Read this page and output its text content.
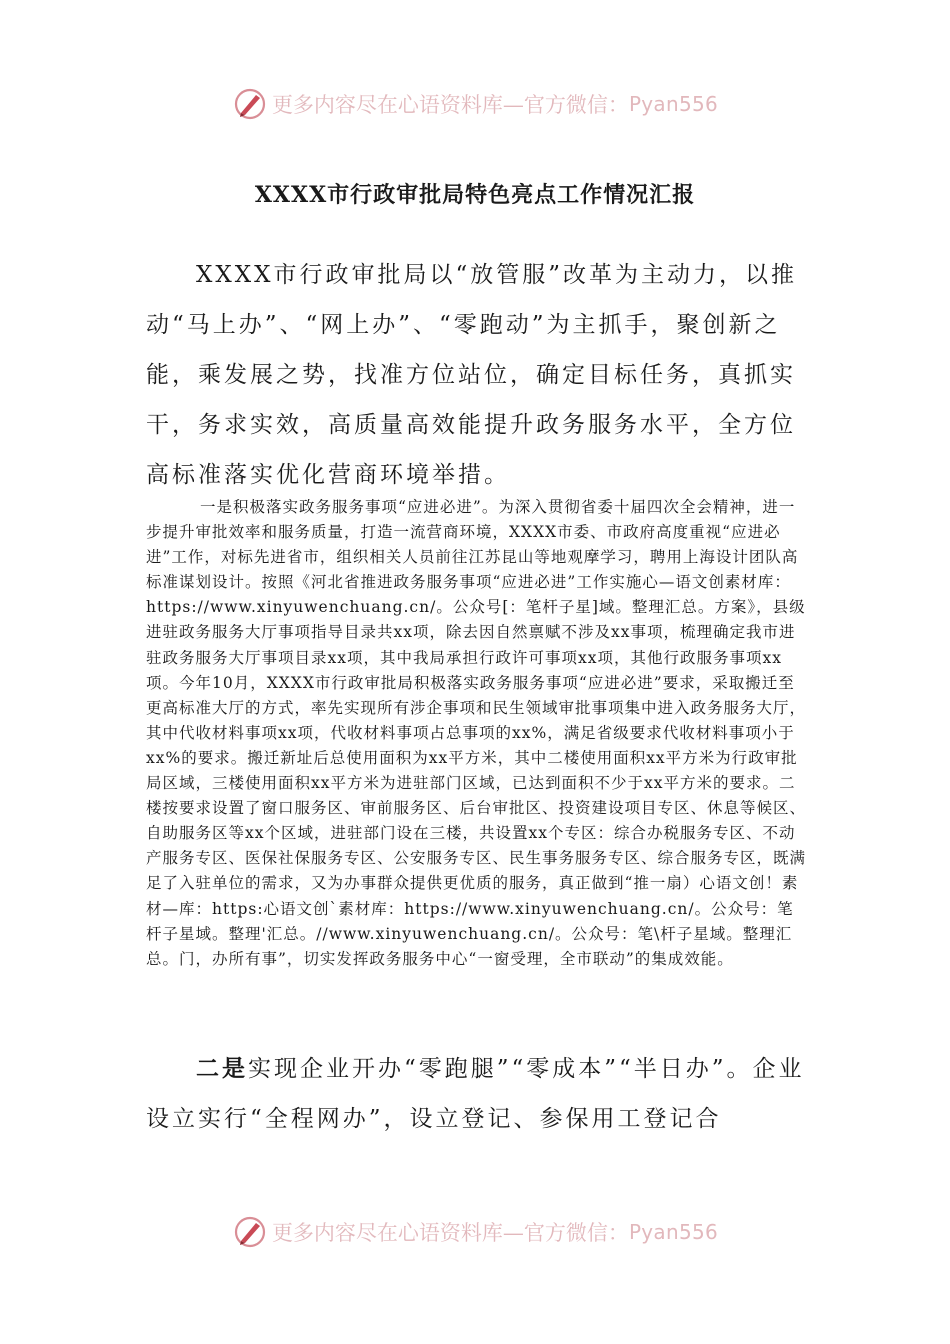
更多内容尽在心语资料库—官方微信： Pyan556
XXXX市行政审批局特色亮点工作情况汇报

XXXX市行政审批局以“放管服”改革为主动力，以推动“马上办”、“网上办”、“零跑动”为主抓手，聚创新之能，乘发展之势，找准方位站位，确定目标任务，真抓实干，务求实效，高质量高效能提升政务服务水平，全方位高标准落实优化营商环境举措。

一是积极落实政务服务事项“应进必进”。为深入贯彻省委十届四次全会精神，进一步提升审批效率和服务质量，打造一流营商环境，XXXX市委、市政府高度重视“应进必进”工作，对标先进省市，组织相关人员前往江苏昆山等地观摩学习，聘用上海设计团队高标准谋划设计。按照《河北省推进政务服务事项“应进必进”工作实施心—语文创素材库：https://www.xinyuwenchuang.cn/。公众号[：笔杆子星]域。整理汇总。方案》，县级进驻政务服务大厅事项指导目录共xx项，除去因自然禀赋不涉及xx事项，梳理确定我市进驻政务服务大厅事项目录xx项，其中我局承担行政许可事项xx项，其他行政服务事项xx项。今年10月，XXXX市行政审批局积极落实政务服务事项“应进必进”要求，采取搬迁至更高标准大厅的方式，率先实现所有涉企事项和民生领域审批事项集中进入政务服务大厅，其中代收材料事项xx项，代收材料事项占总事项的xx%，满足省级要求代收材料事项小于xx%的要求。搬迁新址后总使用面积为xx平方米，其中二楼使用面积xx平方米为行政审批局区域，三楼使用面积xx平方米为进驻部门区域，已达到面积不少于xx平方米的要求。二楼按要求设置了窗口服务区、审前服务区、后台审批区、投资建设项目专区、休息等候区、自助服务区等xx个区域，进驻部门设在三楼，共设置xx个专区：综合办税服务专区、不动产服务专区、医保社保服务专区、公安服务专区、民生事务服务专区、综合服务专区，既满足了入驻单位的需求，又为办事群众提供更优质的服务，真正做到“推一扇）心语文创！素材—库：https:心语文创`素材库：https://www.xinyuwenchuang.cn/。公众号：笔杆子星域。整理'汇总。//www.xinyuwenchuang.cn/。公众号：笔\杆子星域。整理汇总。门，办所有事”，切实发挥政务服务中心“一窗受理，全市联动”的集成效能。

二是实现企业开办“零跑腿”“零成本”“半日办”。企业设立实行“全程网办”，设立登记、参保用工登记合

更多内容尽在心语资料库—官方微信： Pyan556
